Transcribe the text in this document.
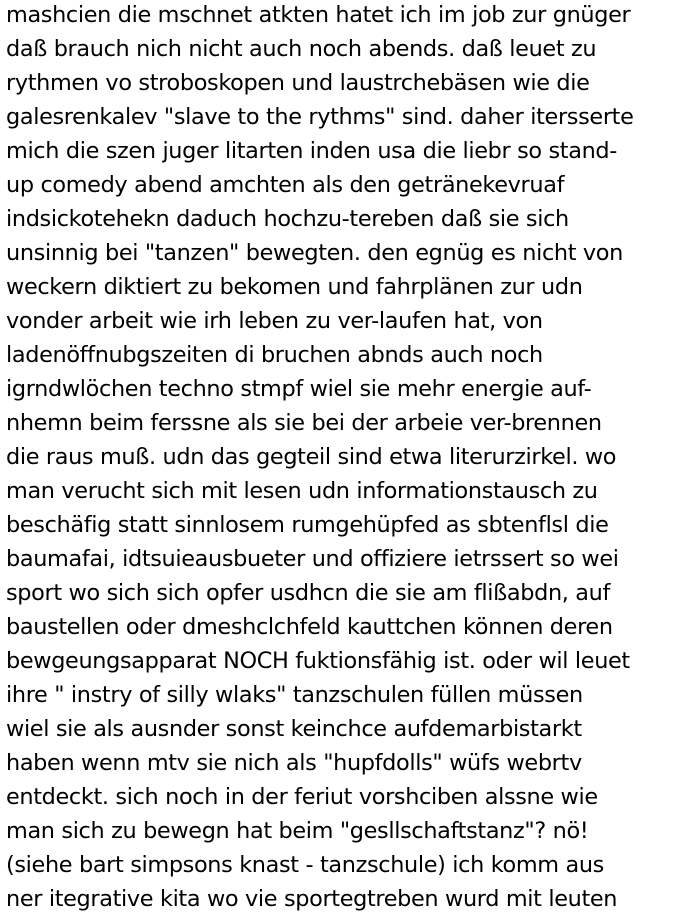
mashcien die mschnet atkten hatet ich im job zur gnüger
daß brauch nich nicht auch noch abends. daß leuet zu
rythmen vo stroboskopen und laustrchebäsen wie die
galesrenkalev "slave to the rythms" sind. daher itersserte
mich die szen juger litarten inden usa die liebr so stand-
up comedy abend amchten als den getränekevruaf
indsickotehekn daduch hochzu-tereben daß sie sich
unsinnig bei "tanzen" bewegten. den egnüg es nicht von
weckern diktiert zu bekomen und fahrplänen zur udn
vonder arbeit wie irh leben zu ver-laufen hat, von
ladenöffnubgszeiten di bruchen abnds auch noch
igrndwlöchen techno stmpf wiel sie mehr energie auf-
nhemn beim ferssne als sie bei der arbeie ver-brennen
die raus muß. udn das gegteil sind etwa literurzirkel. wo
man verucht sich mit lesen udn informationstausch zu
beschäfig statt sinnlosem rumgehüpfed as sbtenflsl die
baumafai, idtsuieausbueter und offiziere ietrssert so wei
sport wo sich sich opfer usdhcn die sie am flißabdn, auf
baustellen oder dmeshclchfeld kauttchen können deren
bewgeungsapparat NOCH fuktionsfähig ist. oder wil leuet
ihre " instry of silly wlaks" tanzschulen füllen müssen
wiel sie als ausnder sonst keinchce aufdemarbistarkt
haben wenn mtv sie nich als "hupfdolls" wüfs webrtv
entdeckt. sich noch in der feriut vorshciben alssne wie
man sich zu bewegn hat beim "gesllschaftstanz"? nö!
(siehe bart simpsons knast - tanzschule) ich komm aus
ner itegrative kita wo vie sportegtreben wurd mit leuten
